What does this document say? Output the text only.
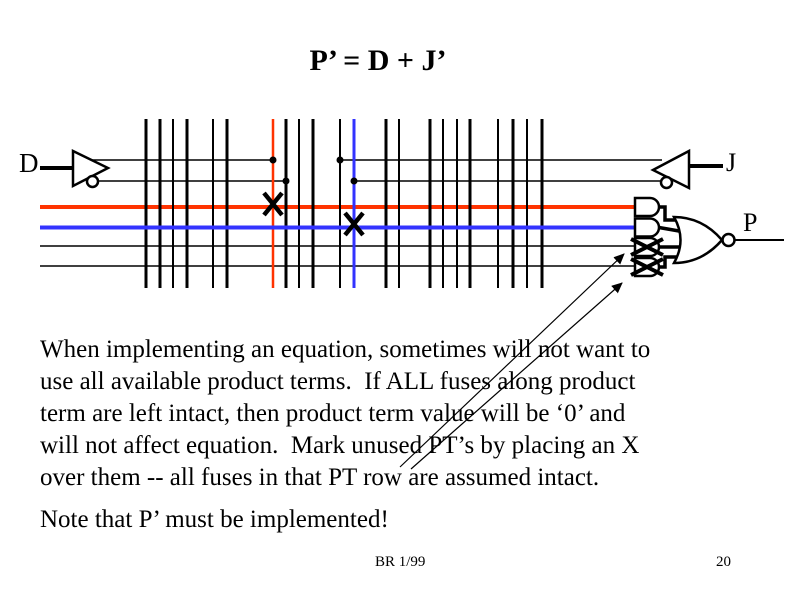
P’ = D + J’
D	J
P
When implementing an equation, sometimes will not want to
use all available product terms.  If ALL fuses along product
term are left intact, then product term value will be ‘0’ and
will not affect equation.  Mark unused PT’s by placing an X
over them -- all fuses in that PT row are assumed intact.
Note that P’ must be implemented!
BR 1/99	20
